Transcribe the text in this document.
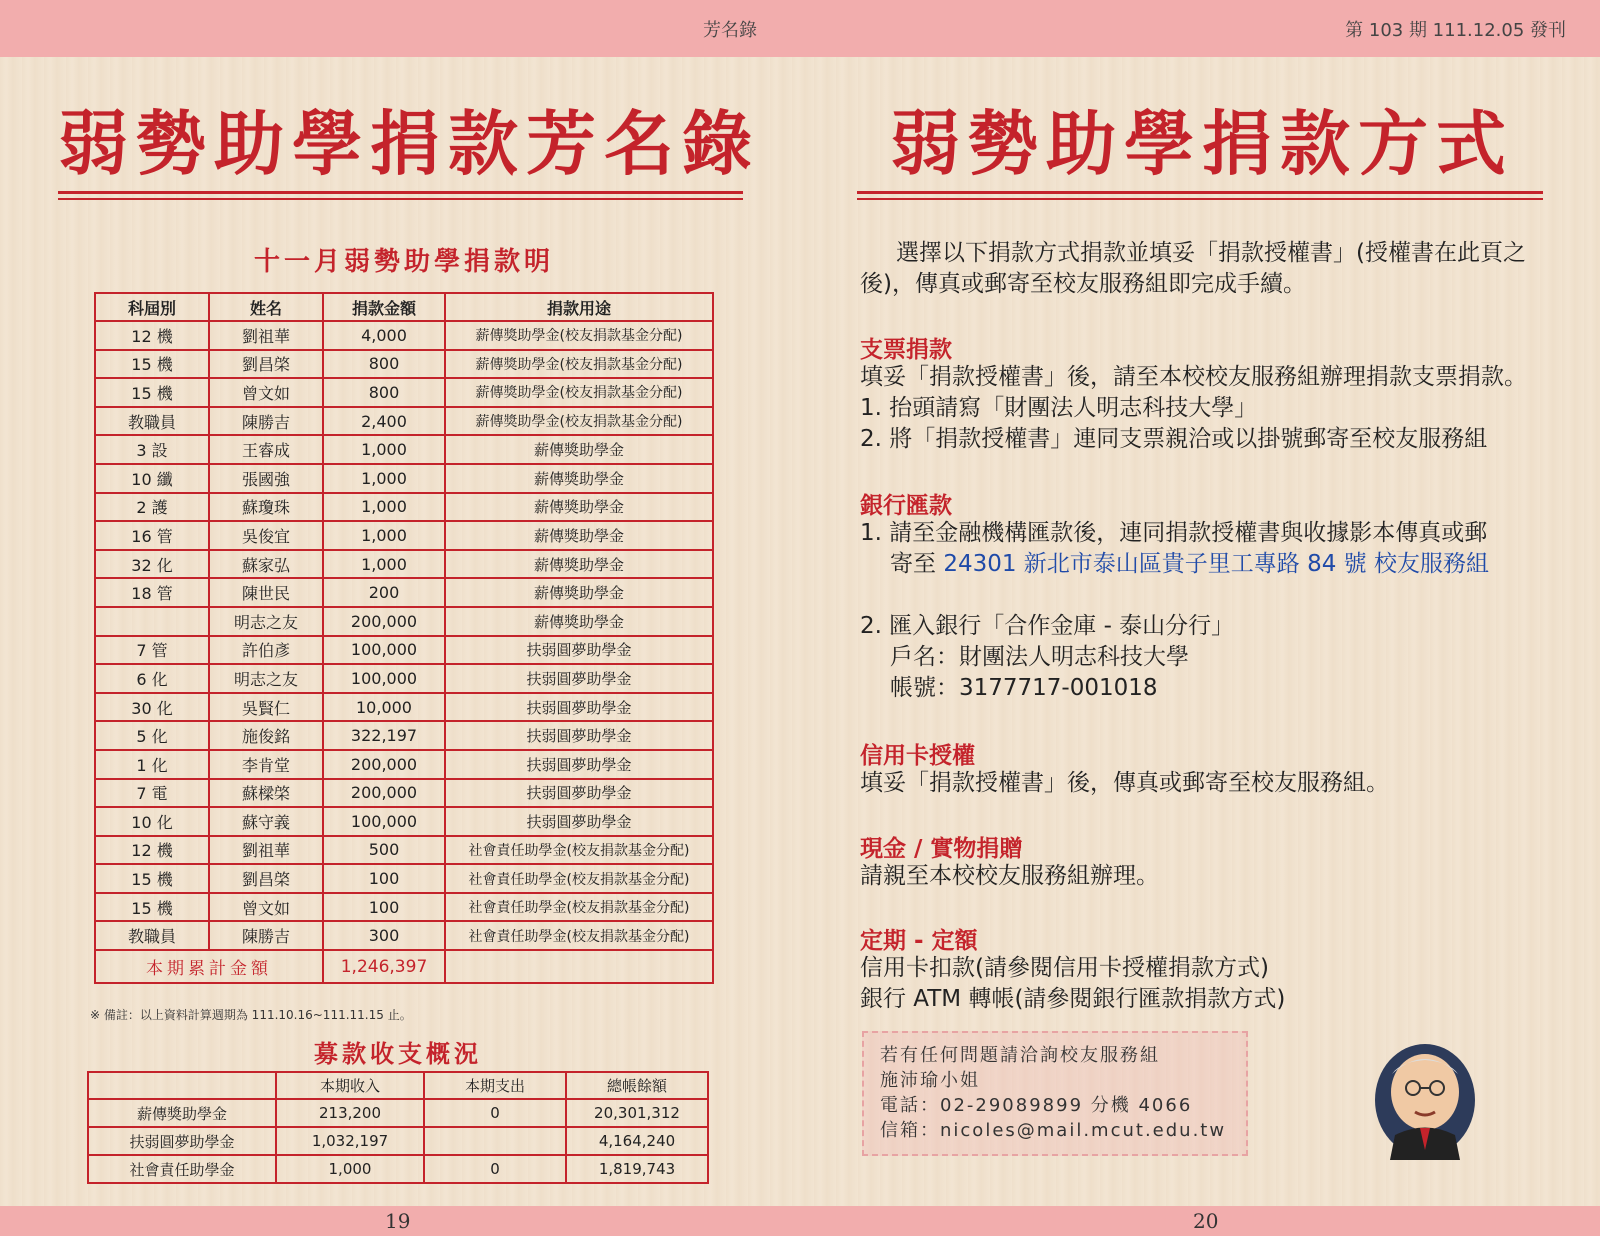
芳名錄	第 103 期 111.12.05 發刊
弱勢助學捐款芳名錄
十一月弱勢助學捐款明
科屆別	姓名	捐款金額	捐款用途
12 機	劉祖華	4,000	薪傳獎助學金(校友捐款基金分配)
15 機	劉昌棨	800	薪傳獎助學金(校友捐款基金分配)
15 機	曾文如	800	薪傳獎助學金(校友捐款基金分配)
教職員	陳勝吉	2,400	薪傳獎助學金(校友捐款基金分配)
3 設	王睿成	1,000	薪傳獎助學金
10 纖	張國強	1,000	薪傳獎助學金
2 護	蘇瓊珠	1,000	薪傳獎助學金
16 管	吳俊宜	1,000	薪傳獎助學金
32 化	蘇家弘	1,000	薪傳獎助學金
18 管	陳世民	200	薪傳獎助學金
	明志之友	200,000	薪傳獎助學金
7 管	許伯彥	100,000	扶弱圓夢助學金
6 化	明志之友	100,000	扶弱圓夢助學金
30 化	吳賢仁	10,000	扶弱圓夢助學金
5 化	施俊銘	322,197	扶弱圓夢助學金
1 化	李肯堂	200,000	扶弱圓夢助學金
7 電	蘇樑棨	200,000	扶弱圓夢助學金
10 化	蘇守義	100,000	扶弱圓夢助學金
12 機	劉祖華	500	社會責任助學金(校友捐款基金分配)
15 機	劉昌棨	100	社會責任助學金(校友捐款基金分配)
15 機	曾文如	100	社會責任助學金(校友捐款基金分配)
教職員	陳勝吉	300	社會責任助學金(校友捐款基金分配)
本期累計金額		1,246,397	
※ 備註：以上資料計算週期為 111.10.16~111.11.15 止。
募款收支概況
	本期收入	本期支出	總帳餘額
薪傳獎助學金	213,200	0	20,301,312
扶弱圓夢助學金	1,032,197		4,164,240
社會責任助學金	1,000	0	1,819,743
弱勢助學捐款方式
選擇以下捐款方式捐款並填妥「捐款授權書」(授權書在此頁之後)，傳真或郵寄至校友服務組即完成手續。
支票捐款
填妥「捐款授權書」後，請至本校校友服務組辦理捐款支票捐款。
1. 抬頭請寫「財團法人明志科技大學」
2. 將「捐款授權書」連同支票親洽或以掛號郵寄至校友服務組
銀行匯款
1. 請至金融機構匯款後，連同捐款授權書與收據影本傳真或郵
寄至 24301 新北市泰山區貴子里工專路 84 號 校友服務組
2. 匯入銀行「合作金庫 - 泰山分行」
戶名：財團法人明志科技大學
帳號：3177717-001018
信用卡授權
填妥「捐款授權書」後，傳真或郵寄至校友服務組。
現金 / 實物捐贈
請親至本校校友服務組辦理。
定期 - 定額
信用卡扣款(請參閱信用卡授權捐款方式)
銀行 ATM 轉帳(請參閱銀行匯款捐款方式)
若有任何問題請洽詢校友服務組
施沛瑜小姐
電話：02-29089899 分機 4066
信箱：nicoles@mail.mcut.edu.tw
19	20
